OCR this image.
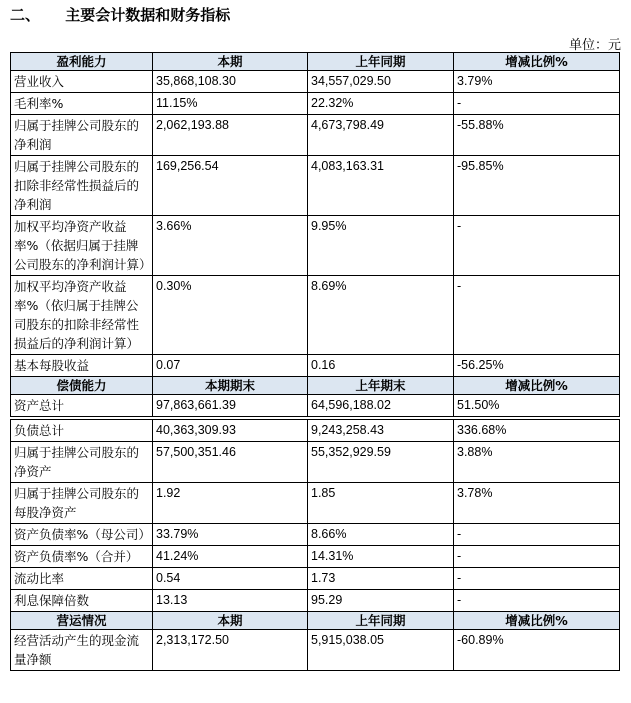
二、 主要会计数据和财务指标
单位：元
盈利能力	本期	上年同期	增减比例%
营业收入	35,868,108.30	34,557,029.50	3.79%
毛利率%	11.15%	22.32%	-
归属于挂牌公司股东的净利润	2,062,193.88	4,673,798.49	-55.88%
归属于挂牌公司股东的扣除非经常性损益后的净利润	169,256.54	4,083,163.31	-95.85%
加权平均净资产收益率%（依据归属于挂牌公司股东的净利润计算）	3.66%	9.95%	-
加权平均净资产收益率%（依归属于挂牌公司股东的扣除非经常性损益后的净利润计算）	0.30%	8.69%	-
基本每股收益	0.07	0.16	-56.25%
偿债能力	本期期末	上年期末	增减比例%
资产总计	97,863,661.39	64,596,188.02	51.50%

负债总计	40,363,309.93	9,243,258.43	336.68%
归属于挂牌公司股东的净资产	57,500,351.46	55,352,929.59	3.88%
归属于挂牌公司股东的每股净资产	1.92	1.85	3.78%
资产负债率%（母公司）	33.79%	8.66%	-
资产负债率%（合并）	41.24%	14.31%	-
流动比率	0.54	1.73	-
利息保障倍数	13.13	95.29	-
营运情况	本期	上年同期	增减比例%
经营活动产生的现金流量净额	2,313,172.50	5,915,038.05	-60.89%
